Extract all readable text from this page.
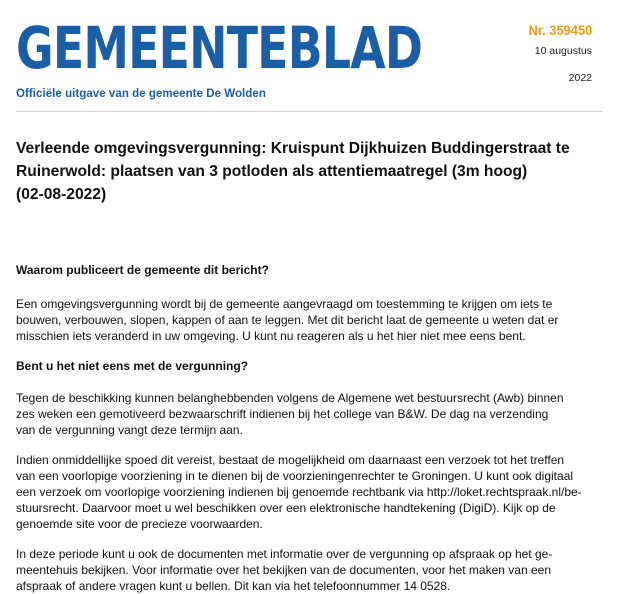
GEMEENTEBLAD
Officiële uitgave van de gemeente De Wolden
Nr. 359450
10 augustus
2022
Verleende omgevingsvergunning: Kruispunt Dijkhuizen Buddingerstraat te
Ruinerwold: plaatsen van 3 potloden als attentiemaatregel (3m hoog)
(02-08-2022)
Waarom publiceert de gemeente dit bericht?

Een omgevingsvergunning wordt bij de gemeente aangevraagd om toestemming te krijgen om iets te
bouwen, verbouwen, slopen, kappen of aan te leggen. Met dit bericht laat de gemeente u weten dat er
misschien iets veranderd in uw omgeving. U kunt nu reageren als u het hier niet mee eens bent.

Bent u het niet eens met de vergunning?

Tegen de beschikking kunnen belanghebbenden volgens de Algemene wet bestuursrecht (Awb) binnen
zes weken een gemotiveerd bezwaarschrift indienen bij het college van B&W. De dag na verzending
van de vergunning vangt deze termijn aan.

Indien onmiddellijke spoed dit vereist, bestaat de mogelijkheid om daarnaast een verzoek tot het treffen
van een voorlopige voorziening in te dienen bij de voorzieningenrechter te Groningen. U kunt ook digitaal
een verzoek om voorlopige voorziening indienen bij genoemde rechtbank via http://loket.rechtspraak.nl/be-
stuursrecht. Daarvoor moet u wel beschikken over een elektronische handtekening (DigiD). Kijk op de
genoemde site voor de precieze voorwaarden.

In deze periode kunt u ook de documenten met informatie over de vergunning op afspraak op het ge-
meentehuis bekijken. Voor informatie over het bekijken van de documenten, voor het maken van een
afspraak of andere vragen kunt u bellen. Dit kan via het telefoonnummer 14 0528.
